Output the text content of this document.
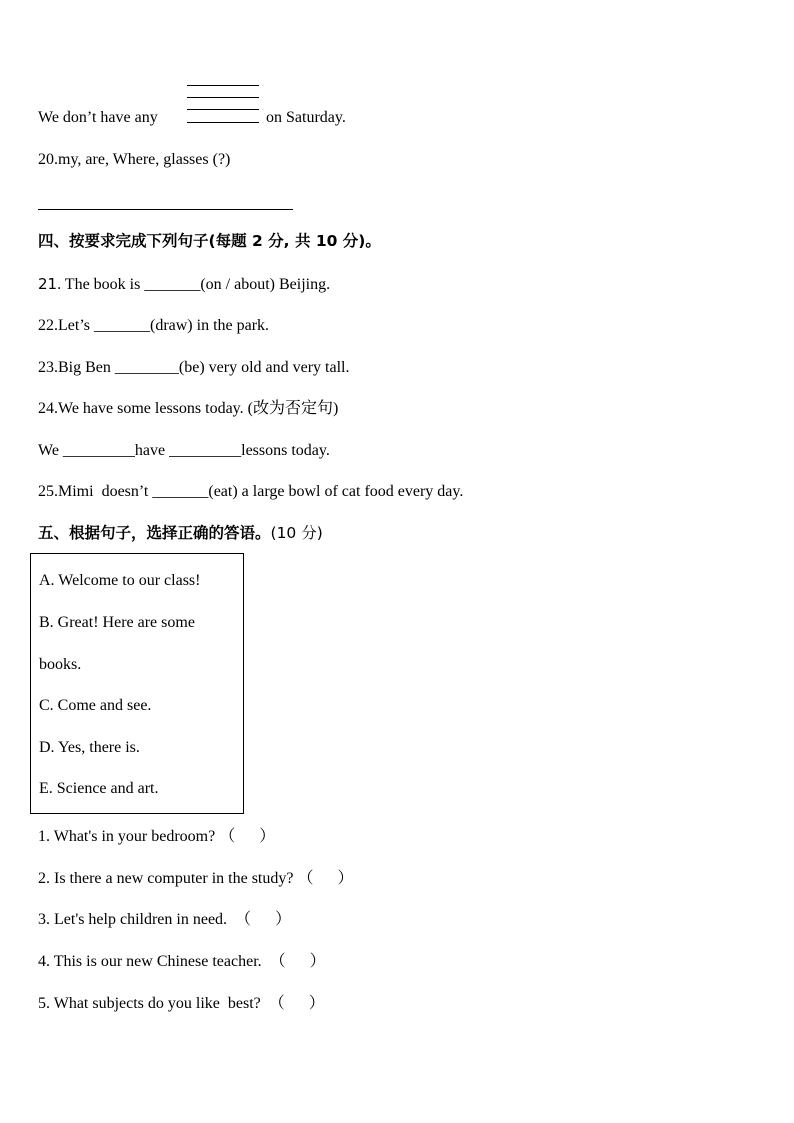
We don’t have any	on Saturday.
20.my, are, Where, glasses (?)
四、按要求完成下列句子(每题 2 分, 共 10 分)。
21. The book is _______(on / about) Beijing.
22.Let’s _______(draw) in the park.
23.Big Ben ________(be) very old and very tall.
24.We have some lessons today. (改为否定句)
We _________have _________lessons today.
25.Mimi  doesn’t _______(eat) a large bowl of cat food every day.
五、根据句子，选择正确的答语。(10 分)
A. Welcome to our class!
B. Great! Here are some
books.
C. Come and see.
D. Yes, there is.
E. Science and art.
1. What's in your bedroom? （ ）
2. Is there a new computer in the study? （ ）
3. Let's help children in need. （ ）
4. This is our new Chinese teacher. （ ）
5. What subjects do you like  best? （ ）
